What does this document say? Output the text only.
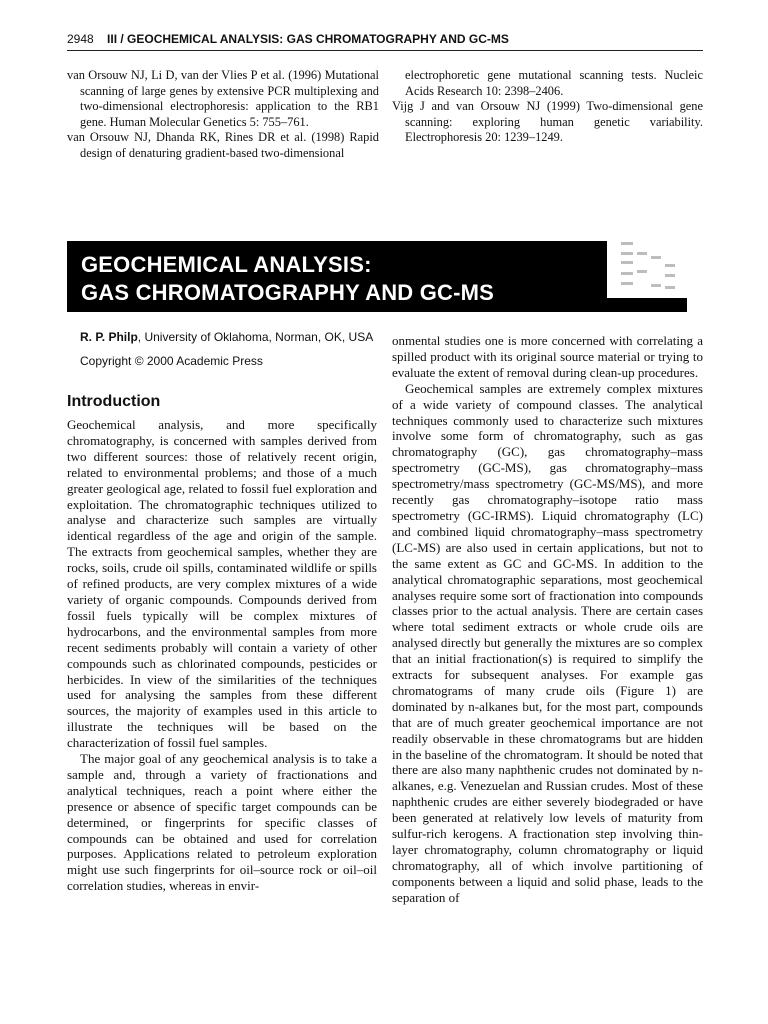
2948 III / GEOCHEMICAL ANALYSIS: GAS CHROMATOGRAPHY AND GC-MS

van Orsouw NJ, Li D, van der Vlies P et al. (1996) Mutational scanning of large genes by extensive PCR multiplexing and two-dimensional electrophoresis: application to the RB1 gene. Human Molecular Genetics 5: 755–761.

van Orsouw NJ, Dhanda RK, Rines DR et al. (1998) Rapid design of denaturing gradient-based two-dimensional

electrophoretic gene mutational scanning tests. Nucleic Acids Research 10: 2398–2406.

Vijg J and van Orsouw NJ (1999) Two-dimensional gene scanning: exploring human genetic variability. Electrophoresis 20: 1239–1249.

GEOCHEMICAL ANALYSIS:
GAS CHROMATOGRAPHY AND GC-MS

R. P. Philp, University of Oklahoma, Norman, OK, USA

Copyright © 2000 Academic Press

Introduction

Geochemical analysis, and more specifically chromatography, is concerned with samples derived from two different sources: those of relatively recent origin, related to environmental problems; and those of a much greater geological age, related to fossil fuel exploration and exploitation. The chromatographic techniques utilized to analyse and characterize such samples are virtually identical regardless of the age and origin of the sample. The extracts from geochemical samples, whether they are rocks, soils, crude oil spills, contaminated wildlife or spills of refined products, are very complex mixtures of a wide variety of organic compounds. Compounds derived from fossil fuels typically will be complex mixtures of hydrocarbons, and the environmental samples from more recent sediments probably will contain a variety of other compounds such as chlorinated compounds, pesticides or herbicides. In view of the similarities of the techniques used for analysing the samples from these different sources, the majority of examples used in this article to illustrate the techniques will be based on the characterization of fossil fuel samples.

The major goal of any geochemical analysis is to take a sample and, through a variety of fractionations and analytical techniques, reach a point where either the presence or absence of specific target compounds can be determined, or fingerprints for specific classes of compounds can be obtained and used for correlation purposes. Applications related to petroleum exploration might use such fingerprints for oil–source rock or oil–oil correlation studies, whereas in envir-

onmental studies one is more concerned with correlating a spilled product with its original source material or trying to evaluate the extent of removal during clean-up procedures.

Geochemical samples are extremely complex mixtures of a wide variety of compound classes. The analytical techniques commonly used to characterize such mixtures involve some form of chromatography, such as gas chromatography (GC), gas chromatography–mass spectrometry (GC-MS), gas chromatography–mass spectrometry/mass spectrometry (GC-MS/MS), and more recently gas chromatography–isotope ratio mass spectrometry (GC-IRMS). Liquid chromatography (LC) and combined liquid chromatography–mass spectrometry (LC-MS) are also used in certain applications, but not to the same extent as GC and GC-MS. In addition to the analytical chromatographic separations, most geochemical analyses require some sort of fractionation into compounds classes prior to the actual analysis. There are certain cases where total sediment extracts or whole crude oils are analysed directly but generally the mixtures are so complex that an initial fractionation(s) is required to simplify the extracts for subsequent analyses. For example gas chromatograms of many crude oils (Figure 1) are dominated by n-alkanes but, for the most part, compounds that are of much greater geochemical importance are not readily observable in these chromatograms but are hidden in the baseline of the chromatogram. It should be noted that there are also many naphthenic crudes not dominated by n-alkanes, e.g. Venezuelan and Russian crudes. Most of these naphthenic crudes are either severely biodegraded or have been generated at relatively low levels of maturity from sulfur-rich kerogens. A fractionation step involving thin-layer chromatography, column chromatography or liquid chromatography, all of which involve partitioning of components between a liquid and solid phase, leads to the separation of
